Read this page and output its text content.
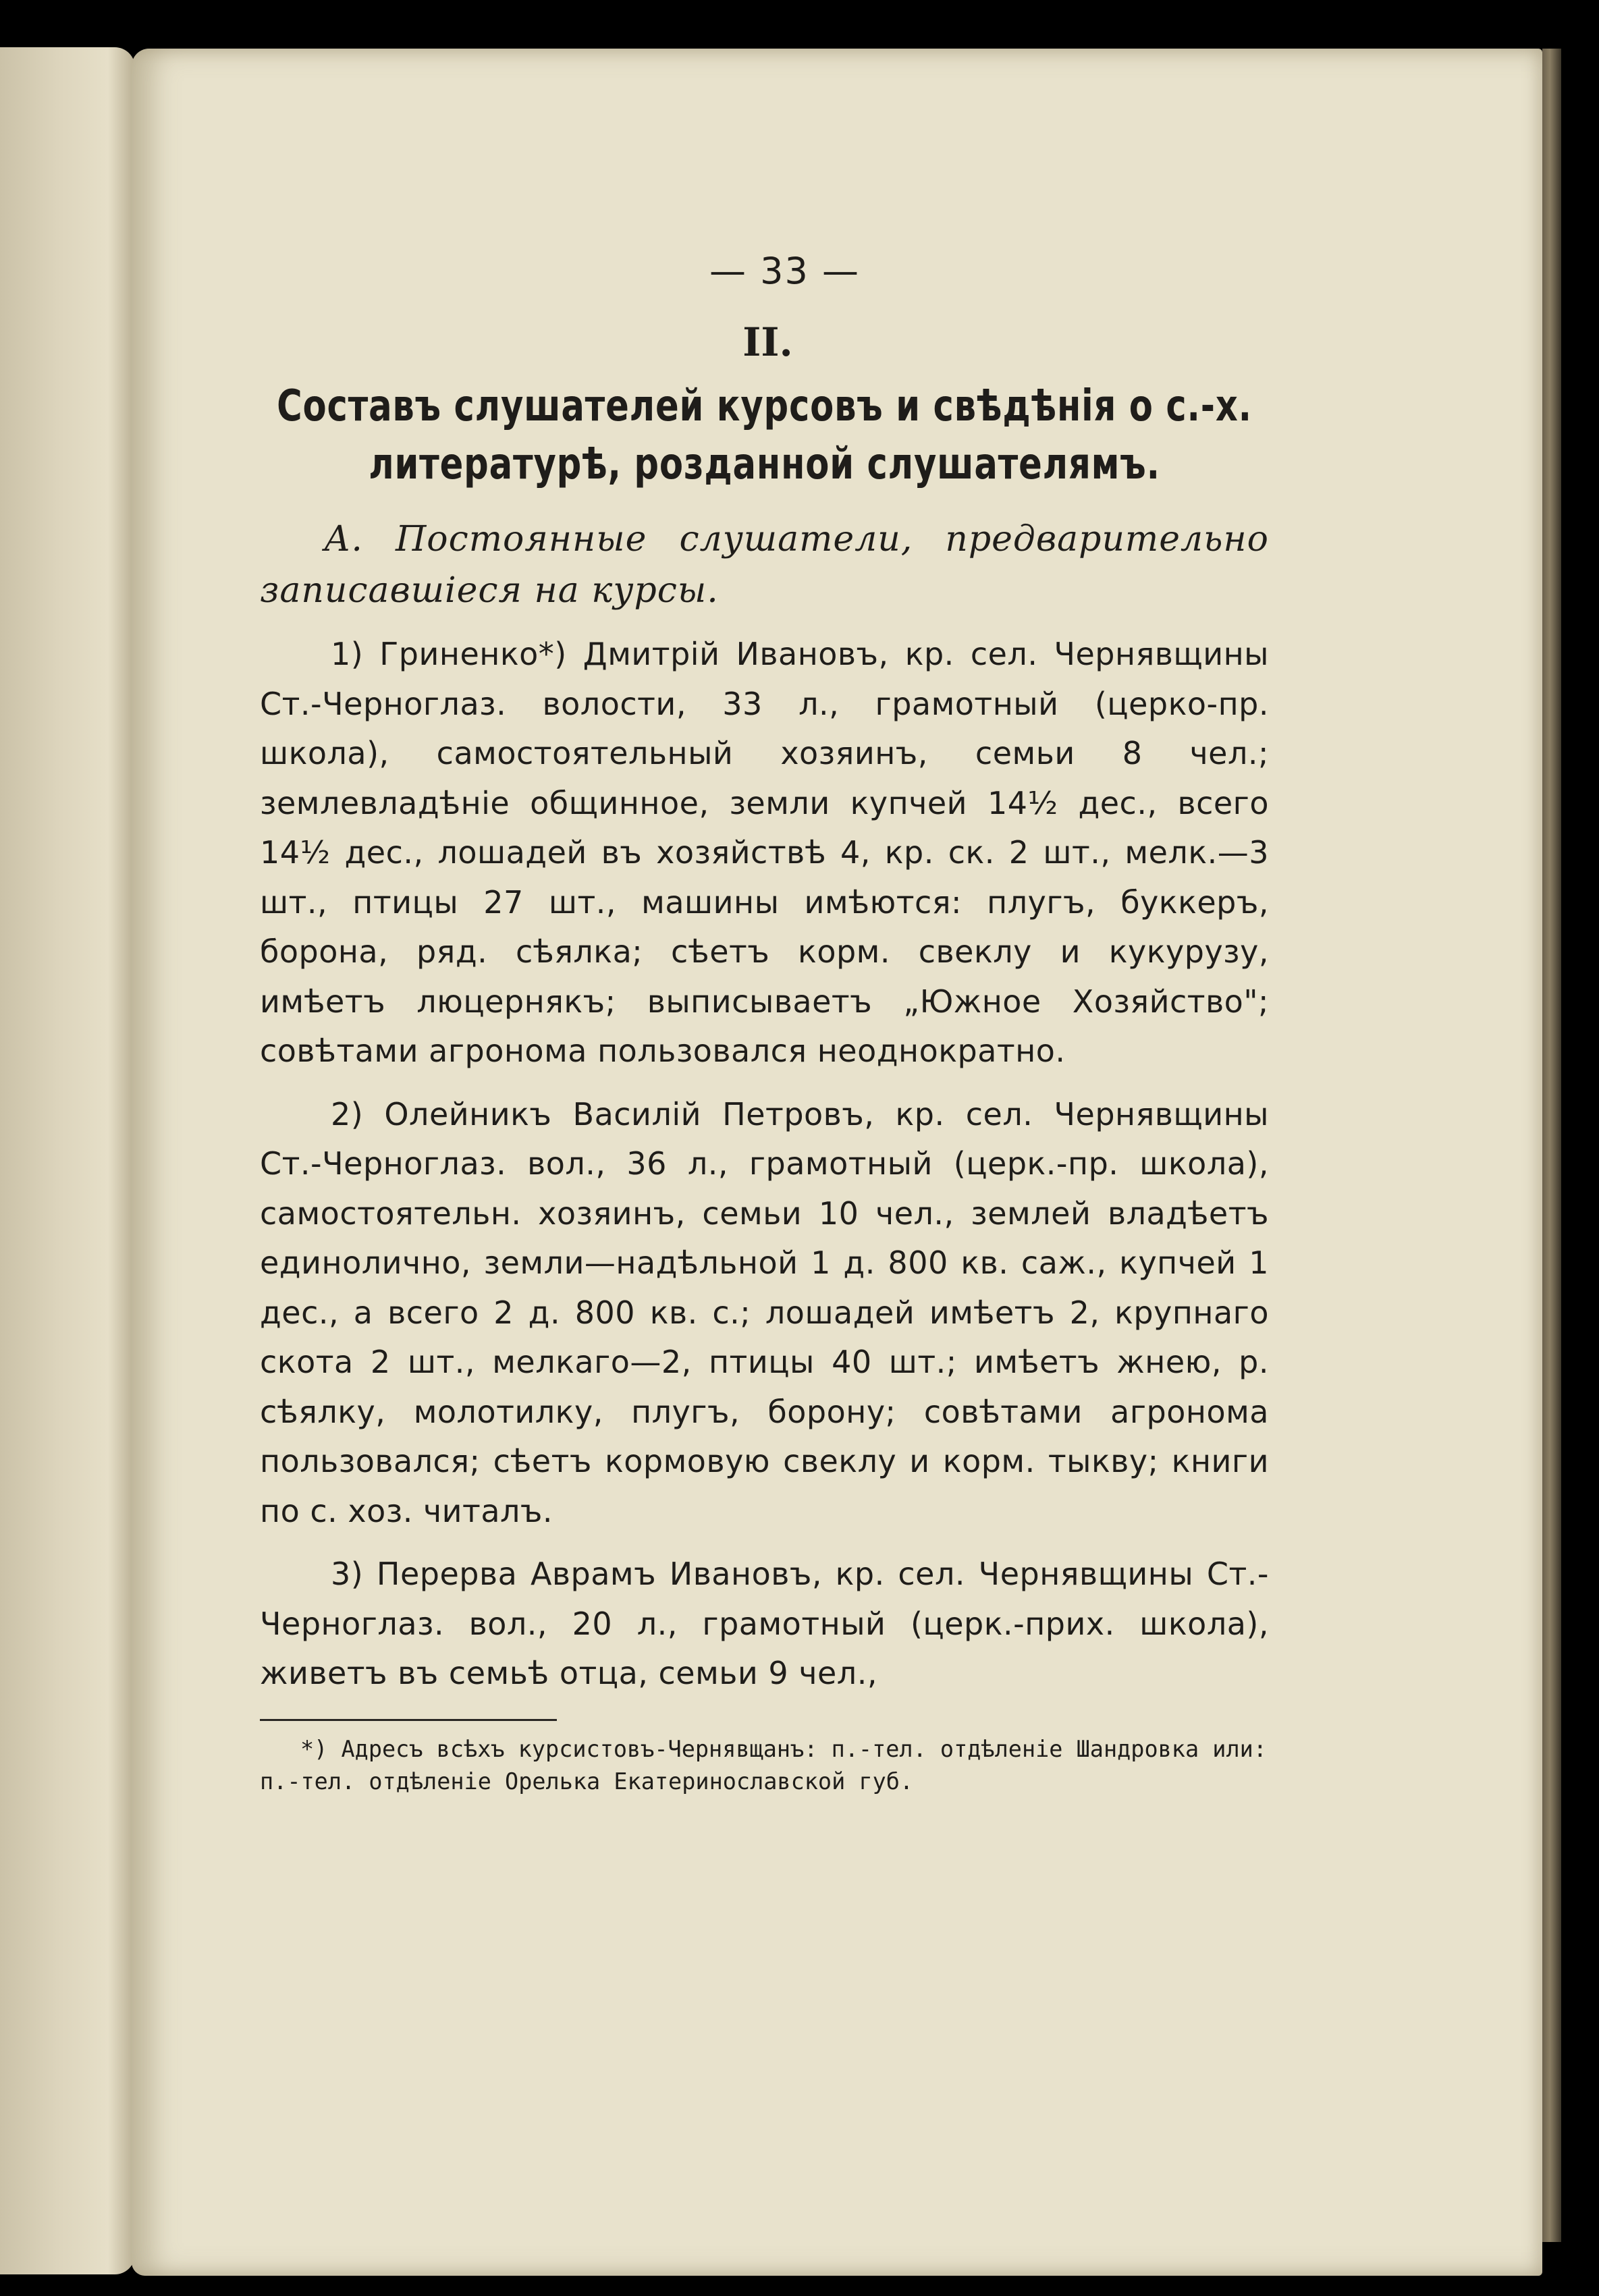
— 33 —
II.
Составъ слушателей курсовъ и свѣдѣнія о с.-х. литературѣ, розданной слушателямъ.
А. Постоянные слушатели, предварительно записавшіеся на курсы.
1) Гриненко*) Дмитрій Ивановъ, кр. сел. Чернявщины Ст.-Черноглаз. волости, 33 л., грамотный (церко-пр. школа), самостоятельный хозяинъ, семьи 8 чел.; землевладѣніе общинное, земли купчей 14½ дес., всего 14½ дес., лошадей въ хозяйствѣ 4, кр. ск. 2 шт., мелк.—3 шт., птицы 27 шт., машины имѣются: плугъ, буккеръ, борона, ряд. сѣялка; сѣетъ корм. свеклу и кукурузу, имѣетъ люцернякъ; выписываетъ „Южное Хозяйство"; совѣтами агронома пользовался неоднократно.
2) Олейникъ Василій Петровъ, кр. сел. Чернявщины Ст.-Черноглаз. вол., 36 л., грамотный (церк.-пр. школа), самостоятельн. хозяинъ, семьи 10 чел., землей владѣетъ единолично, земли—надѣльной 1 д. 800 кв. саж., купчей 1 дес., а всего 2 д. 800 кв. с.; лошадей имѣетъ 2, крупнаго скота 2 шт., мелкаго—2, птицы 40 шт.; имѣетъ жнею, р. сѣялку, молотилку, плугъ, борону; совѣтами агронома пользовался; сѣетъ кормовую свеклу и корм. тыкву; книги по с. хоз. читалъ.
3) Перерва Аврамъ Ивановъ, кр. сел. Чернявщины Ст.-Черноглаз. вол., 20 л., грамотный (церк.-прих. школа), живетъ въ семьѣ отца, семьи 9 чел.,
*) Адресъ всѣхъ курсистовъ-Чернявщанъ: п.-тел. отдѣленіе Шандровка или: п.-тел. отдѣленіе Орелька Екатеринославской губ.
